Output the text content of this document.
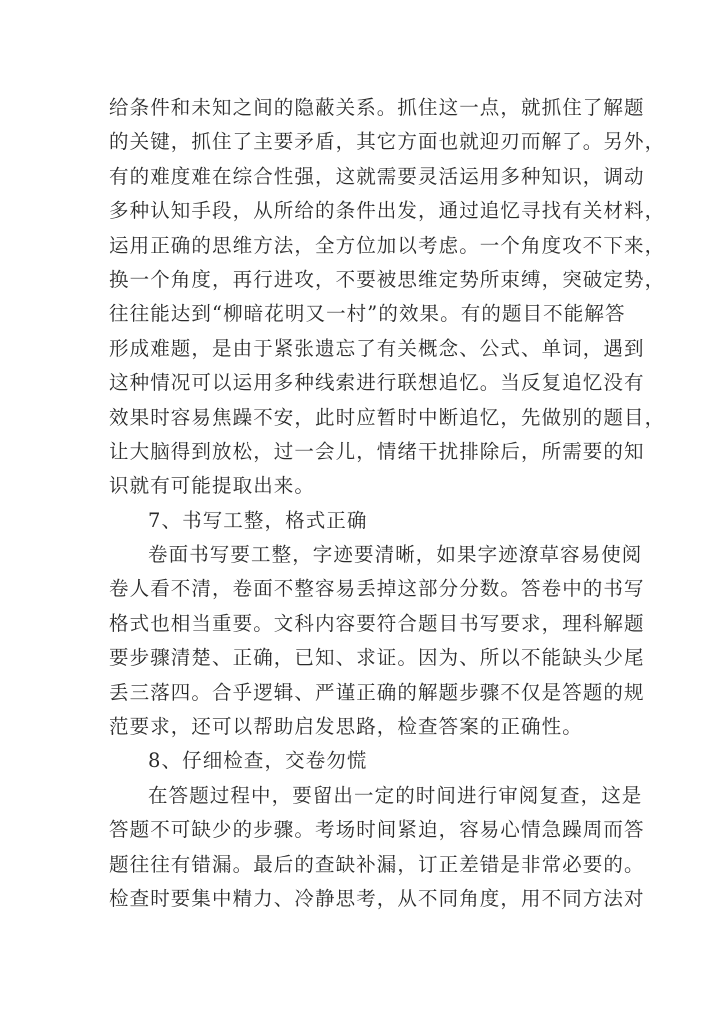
给条件和未知之间的隐蔽关系。抓住这一点，就抓住了解题
的关键，抓住了主要矛盾，其它方面也就迎刃而解了。另外，
有的难度难在综合性强，这就需要灵活运用多种知识，调动
多种认知手段，从所给的条件出发，通过追忆寻找有关材料，
运用正确的思维方法，全方位加以考虑。一个角度攻不下来，
换一个角度，再行进攻，不要被思维定势所束缚，突破定势，
往往能达到“柳暗花明又一村”的效果。有的题目不能解答
形成难题，是由于紧张遗忘了有关概念、公式、单词，遇到
这种情况可以运用多种线索进行联想追忆。当反复追忆没有
效果时容易焦躁不安，此时应暂时中断追忆，先做别的题目，
让大脑得到放松，过一会儿，情绪干扰排除后，所需要的知
识就有可能提取出来。
7、书写工整，格式正确
卷面书写要工整，字迹要清晰，如果字迹潦草容易使阅
卷人看不清，卷面不整容易丢掉这部分分数。答卷中的书写
格式也相当重要。文科内容要符合题目书写要求，理科解题
要步骤清楚、正确，已知、求证。因为、所以不能缺头少尾
丢三落四。合乎逻辑、严谨正确的解题步骤不仅是答题的规
范要求，还可以帮助启发思路，检查答案的正确性。
8、仔细检查，交卷勿慌
在答题过程中，要留出一定的时间进行审阅复查，这是
答题不可缺少的步骤。考场时间紧迫，容易心情急躁周而答
题往往有错漏。最后的查缺补漏，订正差错是非常必要的。
检查时要集中精力、冷静思考，从不同角度，用不同方法对
